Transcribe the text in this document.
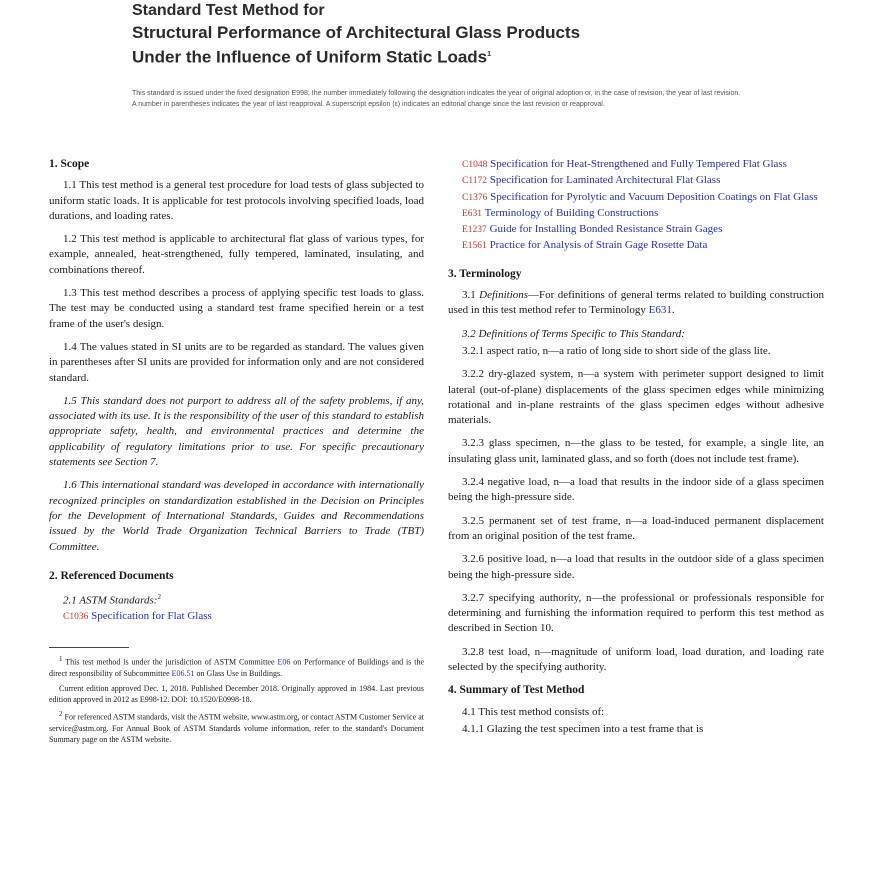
Standard Test Method for
Structural Performance of Architectural Glass Products
Under the Influence of Uniform Static Loads$^1$
This standard is issued under the fixed designation E998; the number immediately following the designation indicates the year of original adoption or, in the case of revision, the year of last revision. A number in parentheses indicates the year of last reapproval. A superscript epsilon (ε) indicates an editorial change since the last revision or reapproval.
1. Scope

1.1 This test method is a general test procedure for load tests of glass subjected to uniform static loads. It is applicable for test protocols involving specified loads, load durations, and loading rates.

1.2 This test method is applicable to architectural flat glass of various types, for example, annealed, heat-strengthened, fully tempered, laminated, insulating, and combinations thereof.

1.3 This test method describes a process of applying specific test loads to glass. The test may be conducted using a standard test frame specified herein or a test frame of the user's design.

1.4 The values stated in SI units are to be regarded as standard. The values given in parentheses after SI units are provided for information only and are not considered standard.

1.5 This standard does not purport to address all of the safety problems, if any, associated with its use. It is the responsibility of the user of this standard to establish appropriate safety, health, and environmental practices and determine the applicability of regulatory limitations prior to use. For specific precautionary statements see Section 7.

1.6 This international standard was developed in accordance with internationally recognized principles on standardization established in the Decision on Principles for the Development of International Standards, Guides and Recommendations issued by the World Trade Organization Technical Barriers to Trade (TBT) Committee.

2. Referenced Documents

2.1 ASTM Standards:$^2$

C1036 Specification for Flat Glass

$^1$ This test method is under the jurisdiction of ASTM Committee E06 on Performance of Buildings and is the direct responsibility of Subcommittee E06.51 on Glass Use in Buildings.

Current edition approved Dec. 1, 2018. Published December 2018. Originally approved in 1984. Last previous edition approved in 2012 as E998-12. DOI: 10.1520/E0998-18.

$^2$ For referenced ASTM standards, visit the ASTM website, www.astm.org, or contact ASTM Customer Service at service@astm.org. For Annual Book of ASTM Standards volume information, refer to the standard's Document Summary page on the ASTM website.

C1048 Specification for Heat-Strengthened and Fully Tempered Flat Glass

C1172 Specification for Laminated Architectural Flat Glass

C1376 Specification for Pyrolytic and Vacuum Deposition Coatings on Flat Glass

E631 Terminology of Building Constructions

E1237 Guide for Installing Bonded Resistance Strain Gages

E1561 Practice for Analysis of Strain Gage Rosette Data

3. Terminology

3.1 Definitions—For definitions of general terms related to building construction used in this test method refer to Terminology E631.

3.2 Definitions of Terms Specific to This Standard:

3.2.1 aspect ratio, n—a ratio of long side to short side of the glass lite.

3.2.2 dry-glazed system, n—a system with perimeter support designed to limit lateral (out-of-plane) displacements of the glass specimen edges while minimizing rotational and in-plane restraints of the glass specimen edges without adhesive materials.

3.2.3 glass specimen, n—the glass to be tested, for example, a single lite, an insulating glass unit, laminated glass, and so forth (does not include test frame).

3.2.4 negative load, n—a load that results in the indoor side of a glass specimen being the high-pressure side.

3.2.5 permanent set of test frame, n—a load-induced permanent displacement from an original position of the test frame.

3.2.6 positive load, n—a load that results in the outdoor side of a glass specimen being the high-pressure side.

3.2.7 specifying authority, n—the professional or professionals responsible for determining and furnishing the information required to perform this test method as described in Section 10.

3.2.8 test load, n—magnitude of uniform load, load duration, and loading rate selected by the specifying authority.

4. Summary of Test Method

4.1 This test method consists of:

4.1.1 Glazing the test specimen into a test frame that is
